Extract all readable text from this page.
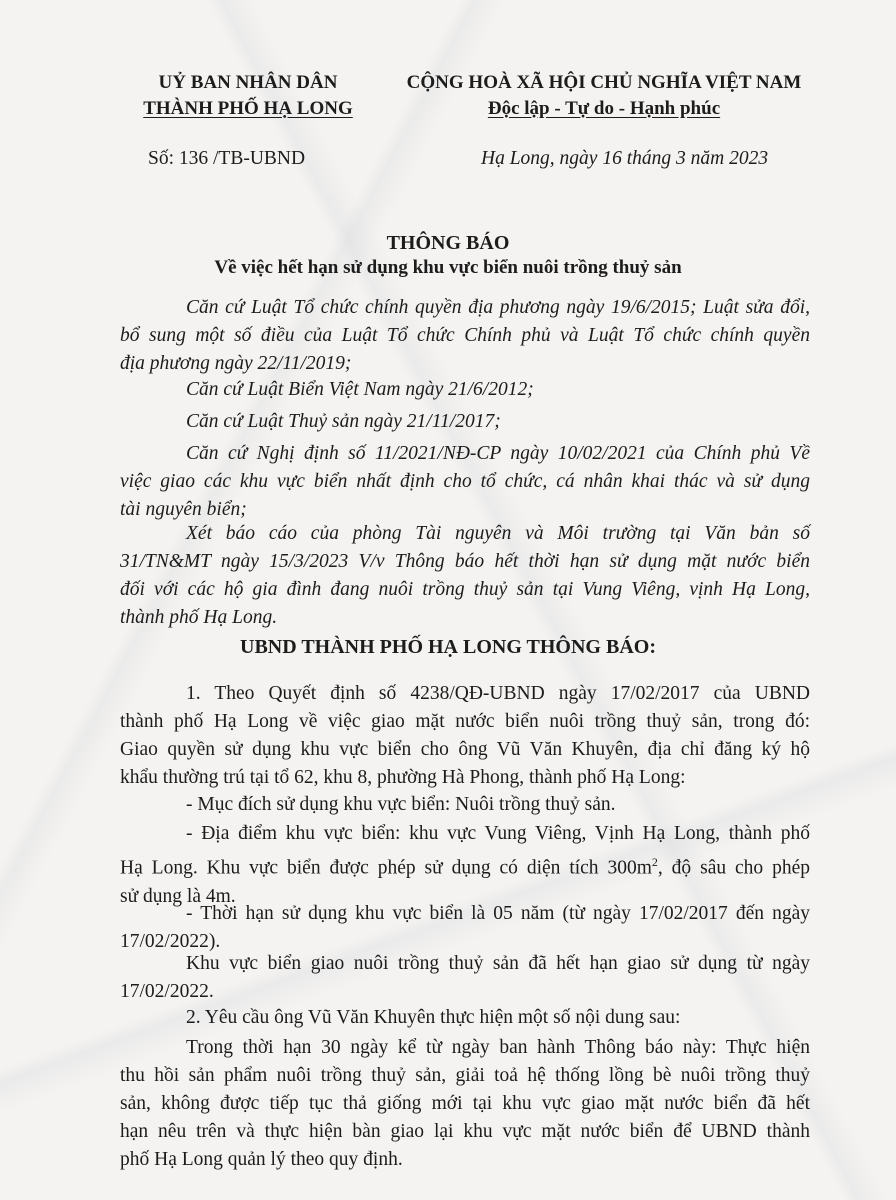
UỶ BAN NHÂN DÂN
THÀNH PHỐ HẠ LONG
Số: 136 /TB-UBND
CỘNG HOÀ XÃ HỘI CHỦ NGHĨA VIỆT NAM
Độc lập - Tự do - Hạnh phúc
Hạ Long, ngày 16 tháng 3 năm 2023
THÔNG BÁO
Về việc hết hạn sử dụng khu vực biển nuôi trồng thuỷ sản
Căn cứ Luật Tổ chức chính quyền địa phương ngày 19/6/2015; Luật sửa đổi,
bổ sung một số điều của Luật Tổ chức Chính phủ và Luật Tổ chức chính quyền
địa phương ngày 22/11/2019;
Căn cứ Luật Biển Việt Nam ngày 21/6/2012;
Căn cứ Luật Thuỷ sản ngày 21/11/2017;
Căn cứ Nghị định số 11/2021/NĐ-CP ngày 10/02/2021 của Chính phủ Về
việc giao các khu vực biển nhất định cho tổ chức, cá nhân khai thác và sử dụng
tài nguyên biển;
Xét báo cáo của phòng Tài nguyên và Môi trường tại Văn bản số
31/TN&MT ngày 15/3/2023 V/v Thông báo hết thời hạn sử dụng mặt nước biển
đối với các hộ gia đình đang nuôi trồng thuỷ sản tại Vung Viêng, vịnh Hạ Long,
thành phố Hạ Long.
UBND THÀNH PHỐ HẠ LONG THÔNG BÁO:
1. Theo Quyết định số 4238/QĐ-UBND ngày 17/02/2017 của UBND
thành phố Hạ Long về việc giao mặt nước biển nuôi trồng thuỷ sản, trong đó:
Giao quyền sử dụng khu vực biển cho ông Vũ Văn Khuyên, địa chỉ đăng ký hộ
khẩu thường trú tại tổ 62, khu 8, phường Hà Phong, thành phố Hạ Long:
- Mục đích sử dụng khu vực biển: Nuôi trồng thuỷ sản.
- Địa điểm khu vực biển: khu vực Vung Viêng, Vịnh Hạ Long, thành phố
Hạ Long. Khu vực biển được phép sử dụng có diện tích $300m^2$, độ sâu cho phép
sử dụng là 4m.
- Thời hạn sử dụng khu vực biển là 05 năm (từ ngày 17/02/2017 đến ngày
17/02/2022).
Khu vực biển giao nuôi trồng thuỷ sản đã hết hạn giao sử dụng từ ngày
17/02/2022.
2. Yêu cầu ông Vũ Văn Khuyên thực hiện một số nội dung sau:
Trong thời hạn 30 ngày kể từ ngày ban hành Thông báo này: Thực hiện
thu hồi sản phẩm nuôi trồng thuỷ sản, giải toả hệ thống lồng bè nuôi trồng thuỷ
sản, không được tiếp tục thả giống mới tại khu vực giao mặt nước biển đã hết
hạn nêu trên và thực hiện bàn giao lại khu vực mặt nước biển để UBND thành
phố Hạ Long quản lý theo quy định.
